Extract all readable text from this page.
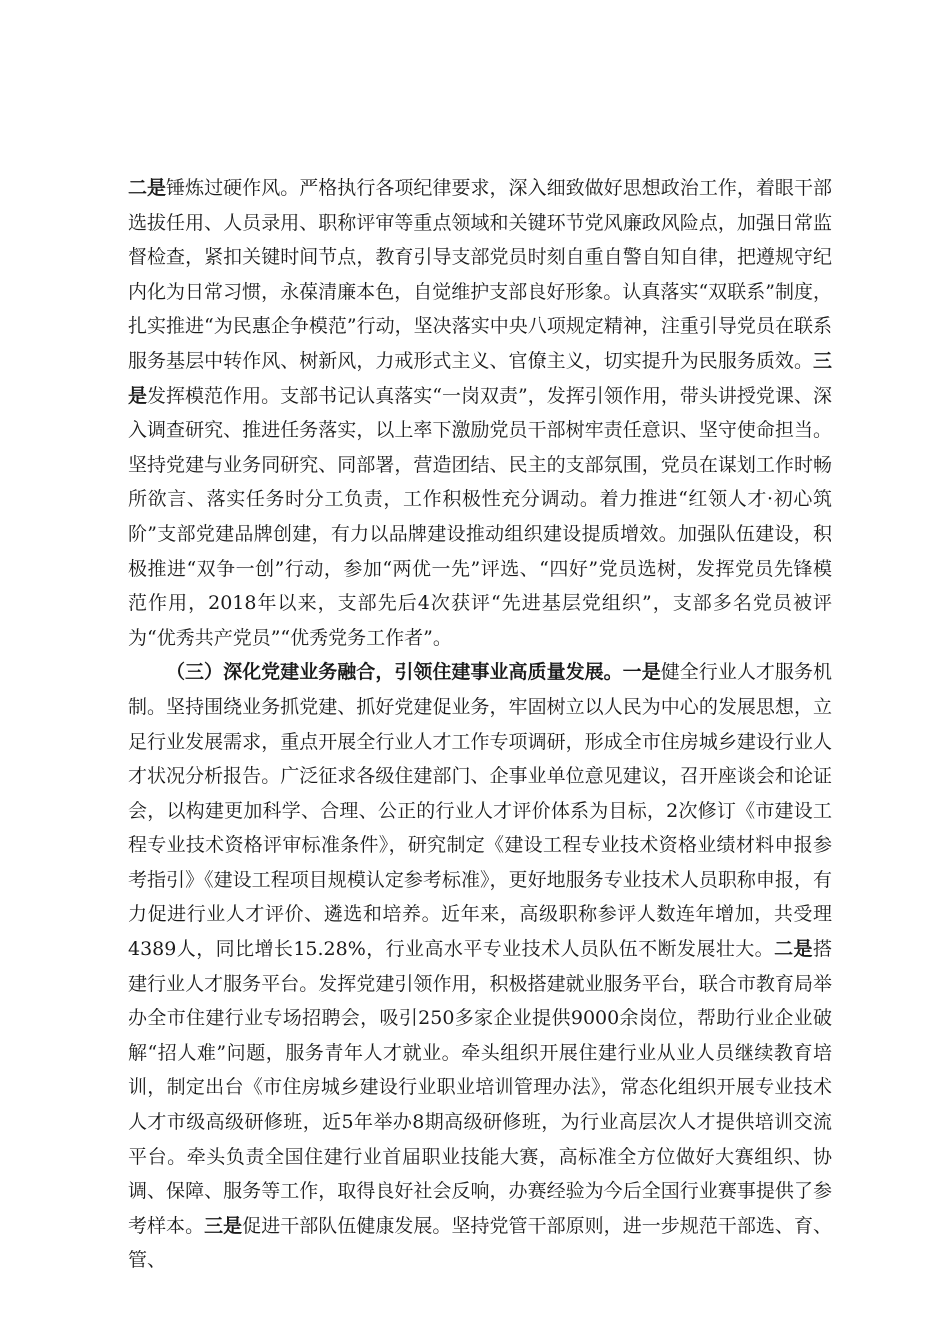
二是锤炼过硬作风。严格执行各项纪律要求，深入细致做好思想政治工作，着眼干部选拔任用、人员录用、职称评审等重点领域和关键环节党风廉政风险点，加强日常监督检查，紧扣关键时间节点，教育引导支部党员时刻自重自警自知自律，把遵规守纪内化为日常习惯，永葆清廉本色，自觉维护支部良好形象。认真落实“双联系”制度，扎实推进“为民惠企争模范”行动，坚决落实中央八项规定精神，注重引导党员在联系服务基层中转作风、树新风，力戒形式主义、官僚主义，切实提升为民服务质效。三是发挥模范作用。支部书记认真落实“一岗双责”，发挥引领作用，带头讲授党课、深入调查研究、推进任务落实，以上率下激励党员干部树牢责任意识、坚守使命担当。坚持党建与业务同研究、同部署，营造团结、民主的支部氛围，党员在谋划工作时畅所欲言、落实任务时分工负责，工作积极性充分调动。着力推进“红领人才·初心筑阶”支部党建品牌创建，有力以品牌建设推动组织建设提质增效。加强队伍建设，积极推进“双争一创”行动，参加“两优一先”评选、“四好”党员选树，发挥党员先锋模范作用，2018年以来，支部先后4次获评“先进基层党组织”，支部多名党员被评为“优秀共产党员”“优秀党务工作者”。

（三）深化党建业务融合，引领住建事业高质量发展。一是健全行业人才服务机制。坚持围绕业务抓党建、抓好党建促业务，牢固树立以人民为中心的发展思想，立足行业发展需求，重点开展全行业人才工作专项调研，形成全市住房城乡建设行业人才状况分析报告。广泛征求各级住建部门、企事业单位意见建议，召开座谈会和论证会，以构建更加科学、合理、公正的行业人才评价体系为目标，2次修订《市建设工程专业技术资格评审标准条件》，研究制定《建设工程专业技术资格业绩材料申报参考指引》《建设工程项目规模认定参考标准》，更好地服务专业技术人员职称申报，有力促进行业人才评价、遴选和培养。近年来，高级职称参评人数连年增加，共受理4389人，同比增长15.28%，行业高水平专业技术人员队伍不断发展壮大。二是搭建行业人才服务平台。发挥党建引领作用，积极搭建就业服务平台，联合市教育局举办全市住建行业专场招聘会，吸引250多家企业提供9000余岗位，帮助行业企业破解“招人难”问题，服务青年人才就业。牵头组织开展住建行业从业人员继续教育培训，制定出台《市住房城乡建设行业职业培训管理办法》，常态化组织开展专业技术人才市级高级研修班，近5年举办8期高级研修班，为行业高层次人才提供培训交流平台。牵头负责全国住建行业首届职业技能大赛，高标准全方位做好大赛组织、协调、保障、服务等工作，取得良好社会反响，办赛经验为今后全国行业赛事提供了参考样本。三是促进干部队伍健康发展。坚持党管干部原则，进一步规范干部选、育、管、
